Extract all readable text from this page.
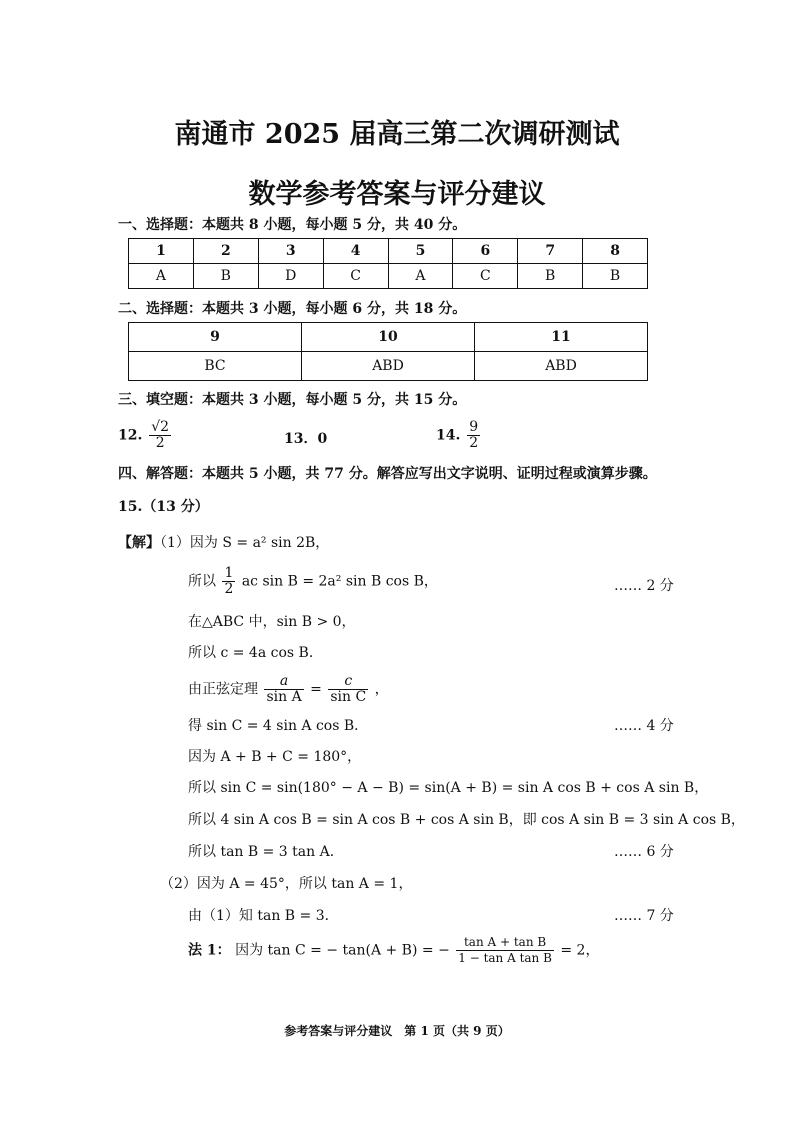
南通市 2025 届高三第二次调研测试
数学参考答案与评分建议
一、选择题：本题共 8 小题，每小题 5 分，共 40 分。
1	2	3	4	5	6	7	8
A	B	D	C	A	C	B	B
二、选择题：本题共 3 小题，每小题 6 分，共 18 分。
9	10	11
BC	ABD	ABD
三、填空题：本题共 3 小题，每小题 5 分，共 15 分。
12. $\frac{√2}{2}$	13．0	14. $\frac{9}{2}$
四、解答题：本题共 5 小题，共 77 分。解答应写出文字说明、证明过程或演算步骤。
15.（13 分）
【解】（1）因为 S = a² sin 2B，
所以 $\frac{1}{2}$ ac sin B = 2a² sin B cos B，	…… 2 分
在△ABC 中，sin B > 0，
所以 c = 4a cos B．
由正弦定理 $\frac{a}{\text{sin A}} = \frac{c}{\text{sin C}}$ ，
得 sin C = 4 sin A cos B．	…… 4 分
因为 A + B + C = 180°，
所以 sin C = sin(180° − A − B) = sin(A + B) = sin A cos B + cos A sin B，
所以 4 sin A cos B = sin A cos B + cos A sin B，即 cos A sin B = 3 sin A cos B，
所以 tan B = 3 tan A．	…… 6 分
（2）因为 A = 45°，所以 tan A = 1，
由（1）知 tan B = 3．	…… 7 分
法 1： 因为 tan C = − tan(A + B) = − $\frac{\text{tan A + tan B}}{\text{1 − tan A tan B}} = 2$，
参考答案与评分建议　第 1 页（共 9 页）
